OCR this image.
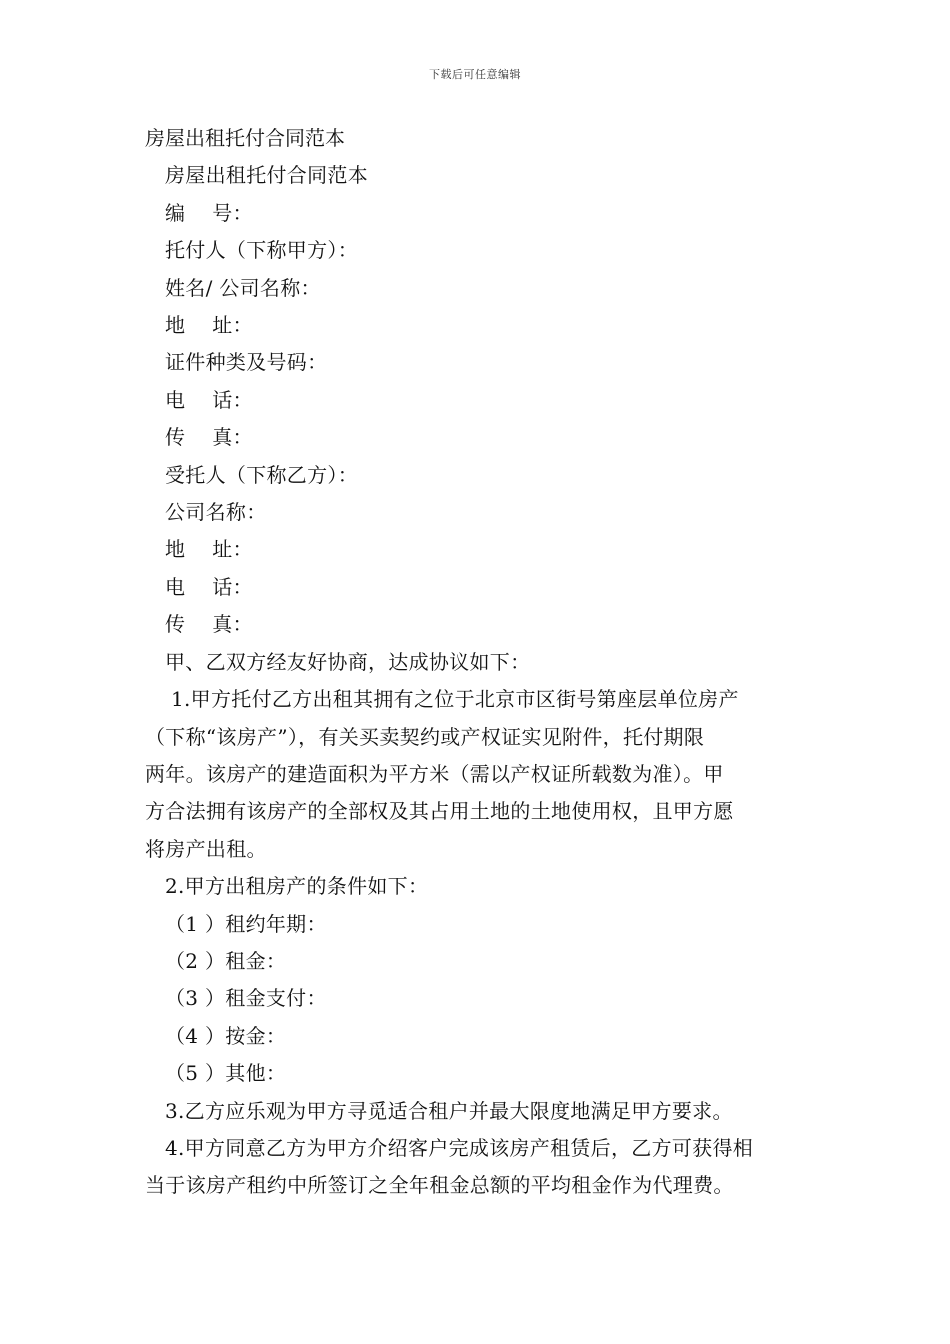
下载后可任意编辑
房屋出租托付合同范本
房屋出租托付合同范本
编　 号：
托付人（下称甲方）：
姓名/ 公司名称：
地　 址：
证件种类及号码：
电　 话：
传　 真：
受托人（下称乙方）：
公司名称：
地　 址：
电　 话：
传　 真：
甲、乙双方经友好协商，达成协议如下：
1.甲方托付乙方出租其拥有之位于北京市区街号第座层单位房产
（下称“该房产”），有关买卖契约或产权证实见附件，托付期限
两年。该房产的建造面积为平方米（需以产权证所载数为准）。甲
方合法拥有该房产的全部权及其占用土地的土地使用权，且甲方愿
将房产出租。
2.甲方出租房产的条件如下：
（1 ）租约年期：
（2 ）租金：
（3 ）租金支付：
（4 ）按金：
（5 ）其他：
3.乙方应乐观为甲方寻觅适合租户并最大限度地满足甲方要求。
4.甲方同意乙方为甲方介绍客户完成该房产租赁后，乙方可获得相
当于该房产租约中所签订之全年租金总额的平均租金作为代理费。
